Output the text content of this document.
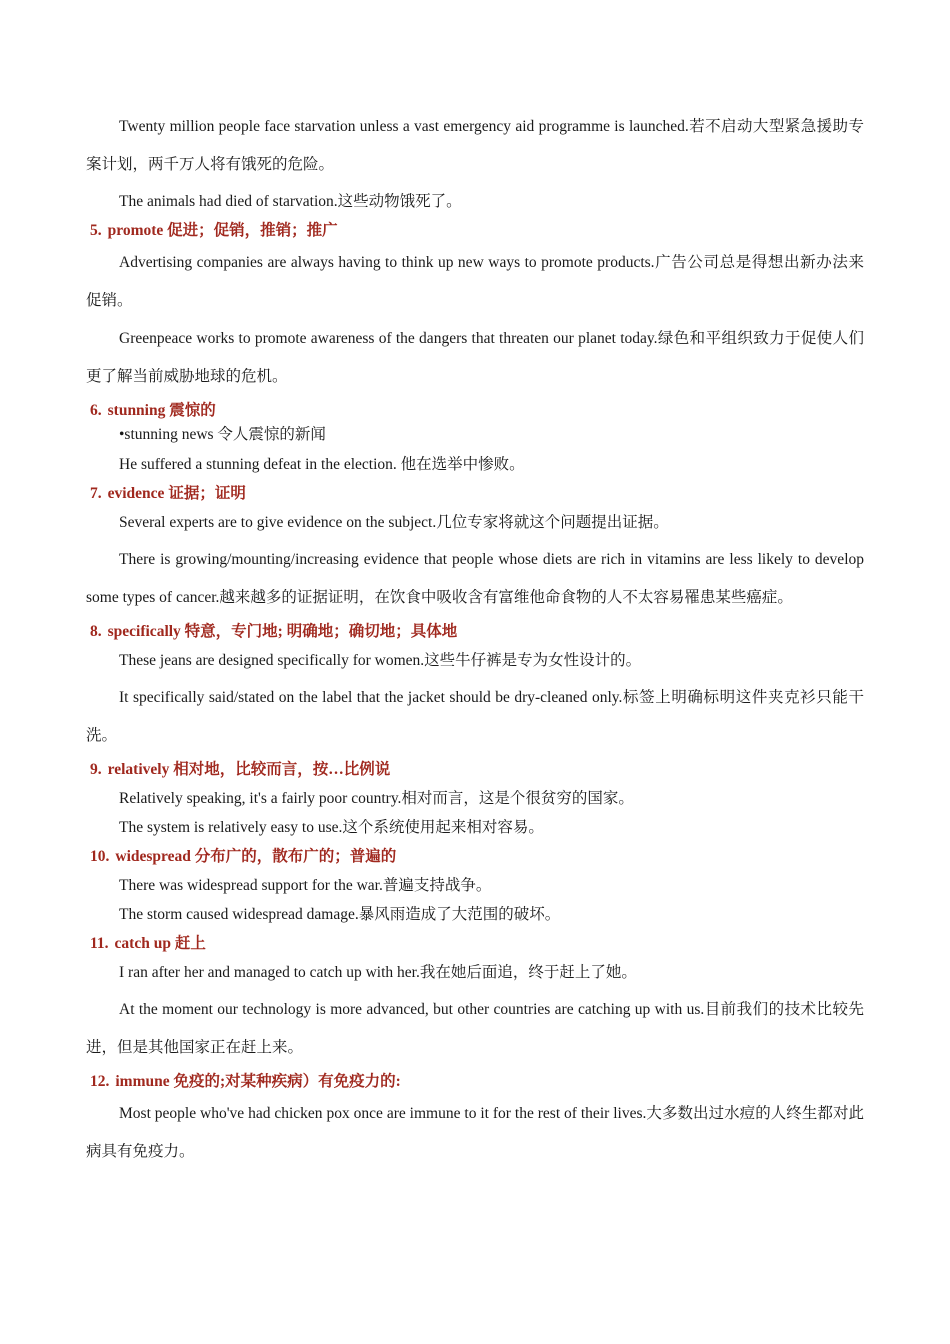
Twenty million people face starvation unless a vast emergency aid programme is launched.若不启动大型紧急援助专案计划，两千万人将有饿死的危险。

The animals had died of starvation.这些动物饿死了。

5. promote 促进；促销，推销；推广

Advertising companies are always having to think up new ways to promote products.广告公司总是得想出新办法来促销。

Greenpeace works to promote awareness of the dangers that threaten our planet today.绿色和平组织致力于促使人们更了解当前威胁地球的危机。

6. stunning 震惊的
•stunning news 令人震惊的新闻

He suffered a stunning defeat in the election. 他在选举中惨败。

7. evidence 证据；证明

Several experts are to give evidence on the subject.几位专家将就这个问题提出证据。

There is growing/mounting/increasing evidence that people whose diets are rich in vitamins are less likely to develop some types of cancer.越来越多的证据证明，在饮食中吸收含有富维他命食物的人不太容易罹患某些癌症。

8. specifically 特意，专门地; 明确地；确切地；具体地

These jeans are designed specifically for women.这些牛仔裤是专为女性设计的。

It specifically said/stated on the label that the jacket should be dry-cleaned only.标签上明确标明这件夹克衫只能干洗。

9. relatively 相对地，比较而言，按…比例说

Relatively speaking, it's a fairly poor country.相对而言，这是个很贫穷的国家。

The system is relatively easy to use.这个系统使用起来相对容易。

10. widespread 分布广的，散布广的；普遍的

There was widespread support for the war.普遍支持战争。

The storm caused widespread damage.暴风雨造成了大范围的破坏。

11. catch up 赶上

I ran after her and managed to catch up with her.我在她后面追，终于赶上了她。

At the moment our technology is more advanced, but other countries are catching up with us.目前我们的技术比较先进，但是其他国家正在赶上来。

12. immune 免疫的;对某种疾病）有免疫力的:

Most people who've had chicken pox once are immune to it for the rest of their lives.大多数出过水痘的人终生都对此病具有免疫力。
